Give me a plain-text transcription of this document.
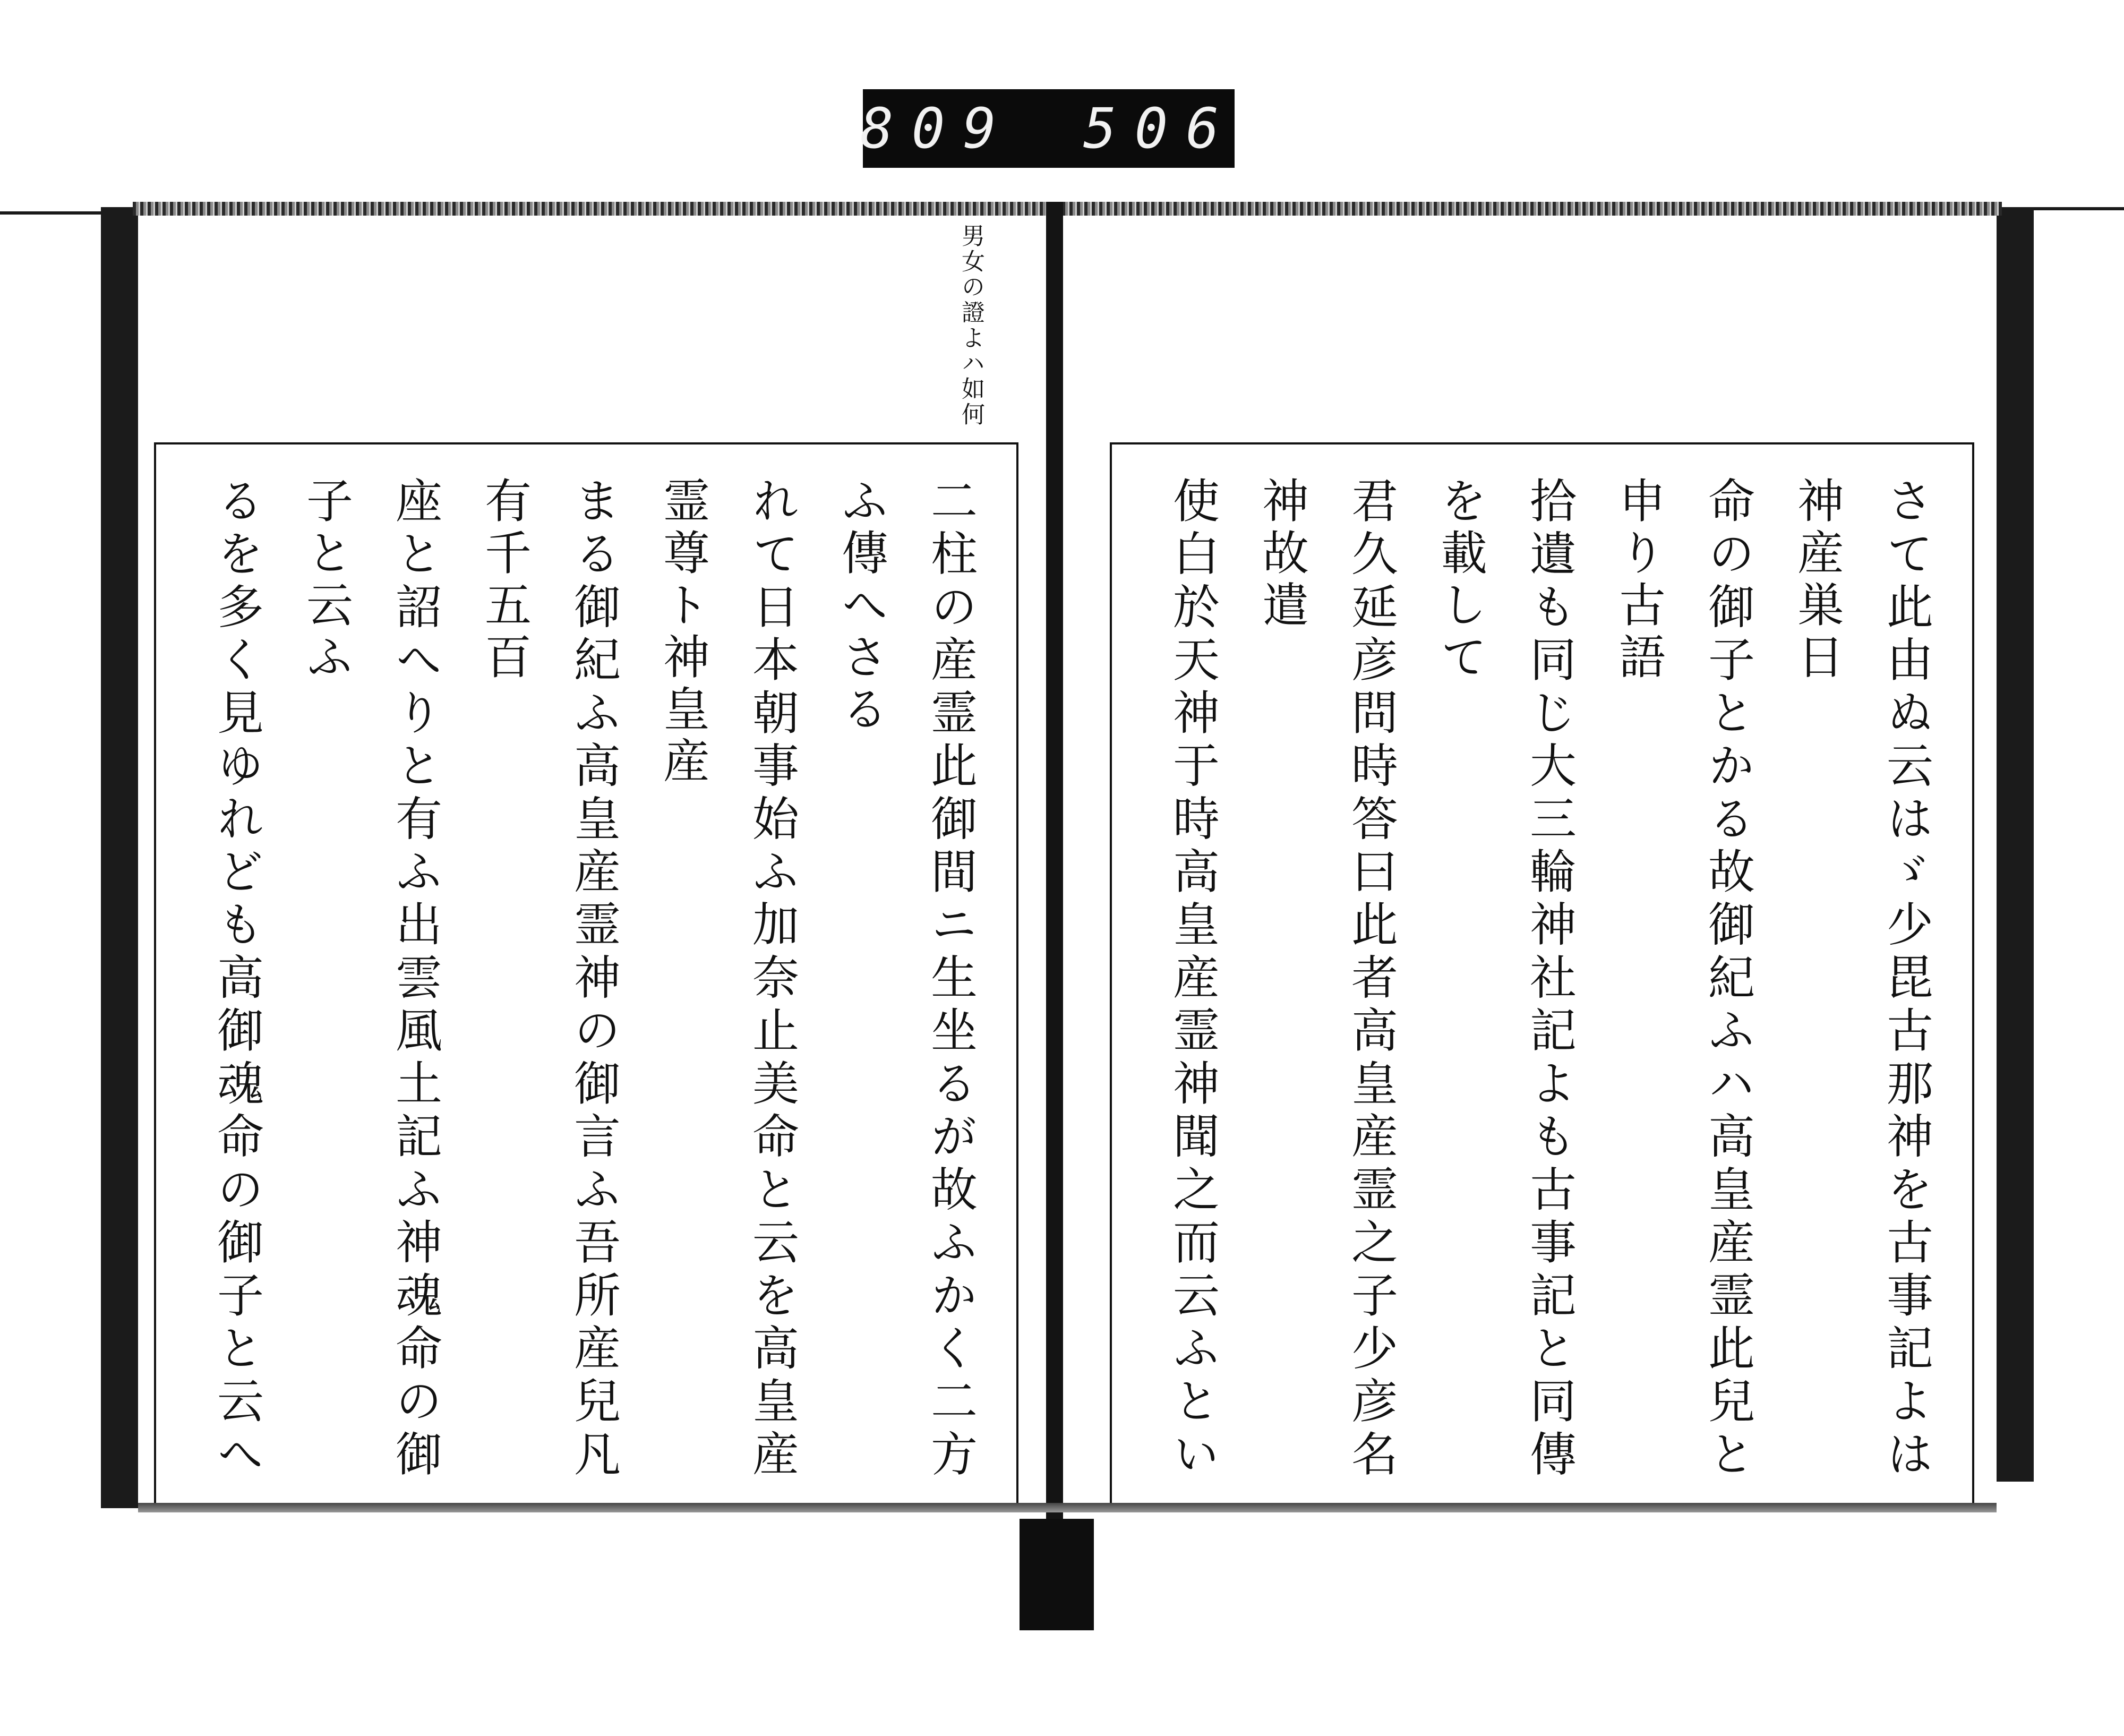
809 506
男女の證よハ如何

二柱の産霊此御間ニ生坐るが故ふかく二方ふ傳へさる

れて日本朝事始ふ加奈止美命と云を高皇産霊尊ト神皇産

まる御紀ふ高皇産霊神の御言ふ吾所産兒凡有千五百

座と詔へりと有ふ出雲風土記ふ神魂命の御子と云ふ

るを多く見ゆれども高御魂命の御子と云へ	さて此由ぬ云はゞ少毘古那神を古事記よは神産巣日

命の御子とかる故御紀ふハ高皇産霊此兒と申り古語

拾遺も同じ大三輪神社記よも古事記と同傳を載して

君久延彦問時答曰此者高皇産霊之子少彦名神故遣

使白於天神于時高皇産霊神聞之而云ふとい
